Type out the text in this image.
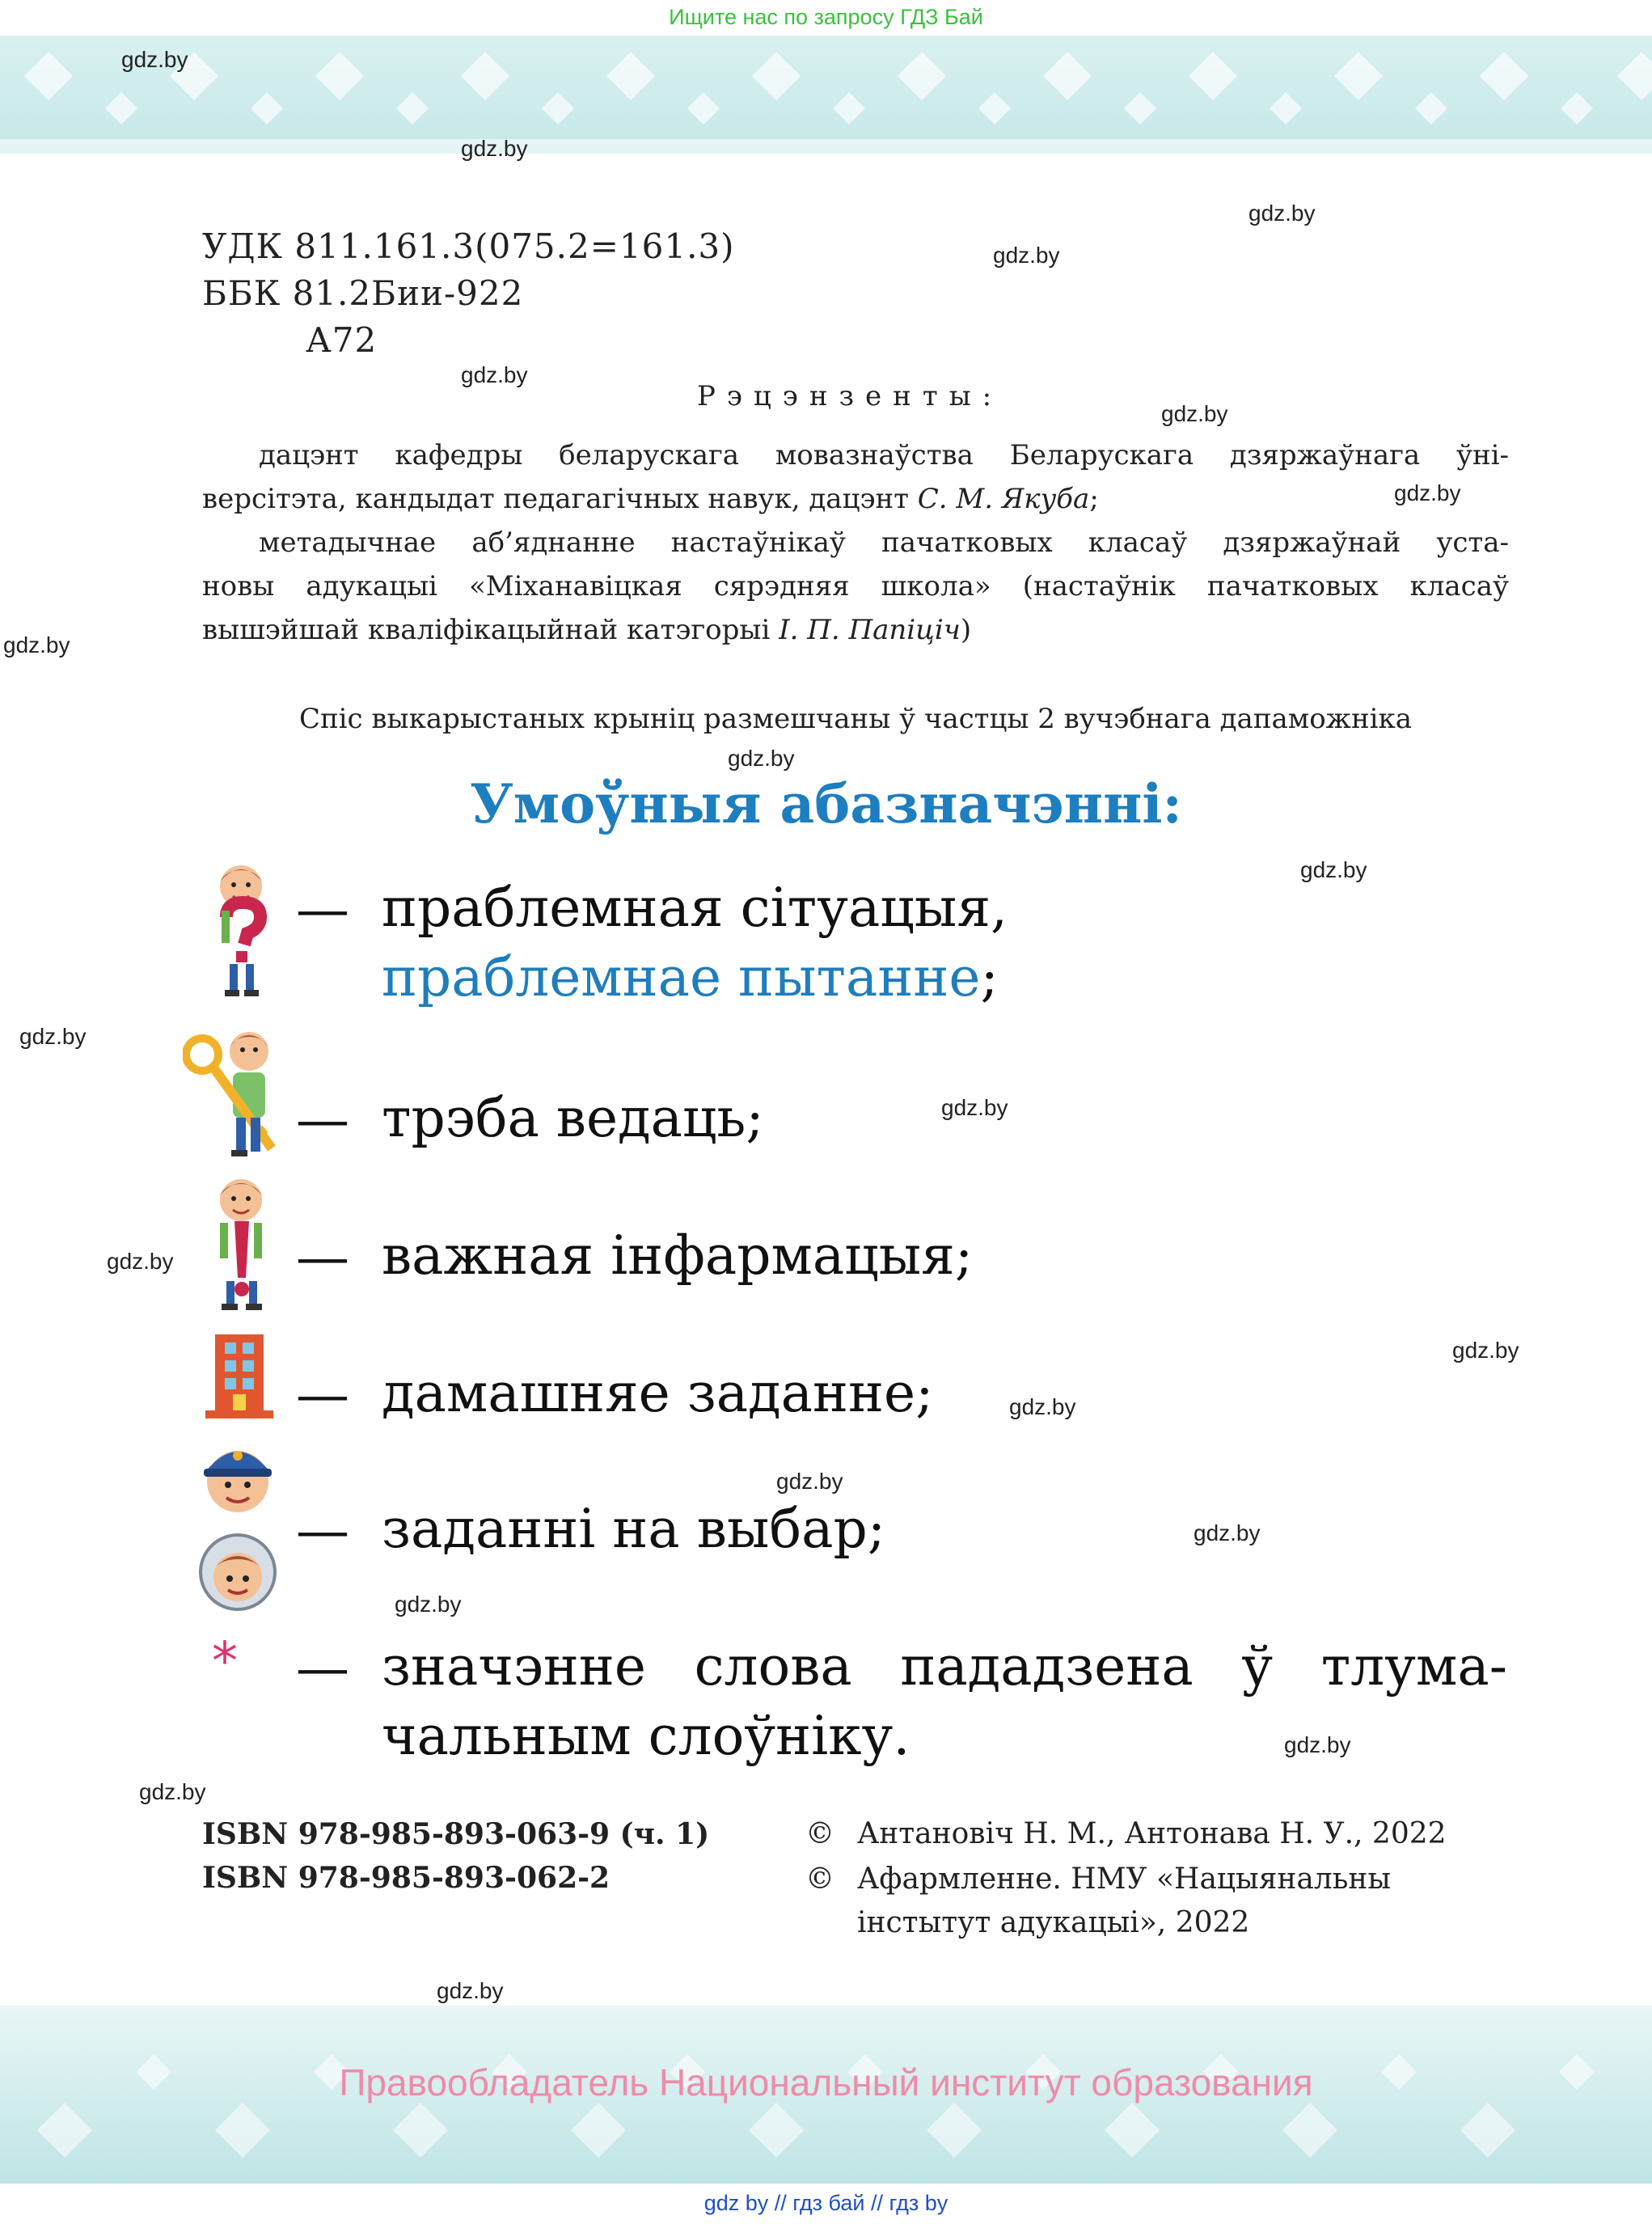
Ищите нас по запросу ГДЗ Бай
gdz.by
gdz.by
gdz.by
gdz.by
gdz.by
gdz.by
gdz.by
gdz.by
gdz.by
gdz.by
gdz.by
gdz.by
gdz.by
gdz.by
gdz.by
gdz.by
gdz.by
gdz.by
gdz.by
gdz.by
gdz.by
УДК 811.161.3(075.2=161.3)
ББК 81.2Бии-922
А72
Рэцэнзенты:
дацэнт кафедры беларускага мовазнаўства Беларускага дзяржаўнага ўні-
версітэта, кандыдат педагагічных навук, дацэнт С. М. Якуба;
метадычнае аб’яднанне настаўнікаў пачатковых класаў дзяржаўнай уста-
новы адукацыі «Міханавіцкая сярэдняя школа» (настаўнік пачатковых класаў
вышэйшай кваліфікацыйнай катэгорыі І. П. Папіціч)
Спіс выкарыстаных крыніц размешчаны ў частцы 2 вучэбнага дапаможніка
Умоўныя абазначэнні:
— праблемная сітуацыя,
праблемнае пытанне;
— трэба ведаць;
— важная інфармацыя;
— дамашняе заданне;
— заданні на выбар;
* — значэнне слова пададзена ў тлума-
чальным слоўніку.
ISBN 978-985-893-063-9 (ч. 1)
ISBN 978-985-893-062-2
© Антановіч Н. М., Антонава Н. У., 2022
© Афармленне. НМУ «Нацыянальны
інстытут адукацыі», 2022
Правообладатель Национальный институт образования
gdz by // гдз бай // гдз by
